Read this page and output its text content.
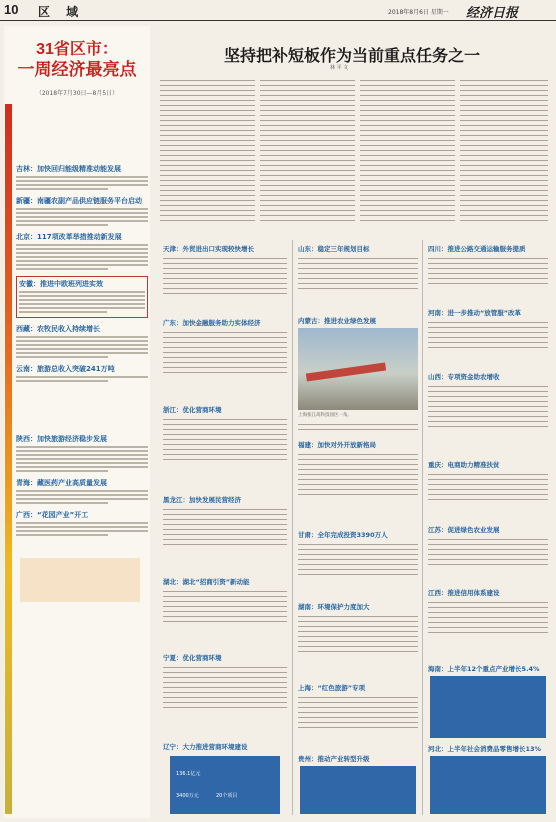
10 区 域	2018年8月6日 星期一 经济日报
31省区市：
一周经济最亮点
（2018年7月30日—8月5日）
吉林：加快回归能级精准动能发展
新疆：南疆农副产品供应链服务平台启动
北京：117项改革举措推动新发展
安徽：推进中欧班列进实效
西藏：农牧民收入持续增长
云南：旅游总收入突破241万吨
陕西：加快旅游经济稳步发展
青海：藏医药产业高质量发展
广西：“花园产业”开工
坚持把补短板作为当前重点任务之一
林 平 文
天津：外贸进出口实现较快增长
广东：加快金融服务助力实体经济
浙江：优化营商环境
黑龙江：加快发展民营经济
湖北：湖北“招商引资”新动能
宁夏：优化营商环境
辽宁：大力推进营商环境建设
136.1亿元
20个项目
3400万元
山东：稳定三年规划目标
内蒙古：推进农业绿色发展
上海张江高科技园区一角。
福建：加快对外开放新格局
甘肃：全年完成投资3390万人
湖南：环境保护力度加大
上海：“红色旅游”专项
贵州：推动产业转型升级
四川：推进公路交通运输服务提质
河南：进一步推动“放管服”改革
山西：专项资金助农增收
重庆：电商助力精准扶贫
江苏：促进绿色农业发展
江西：推进信用体系建设
海南：上半年12个重点产业增长5.4%
河北：上半年社会消费品零售增长13%
